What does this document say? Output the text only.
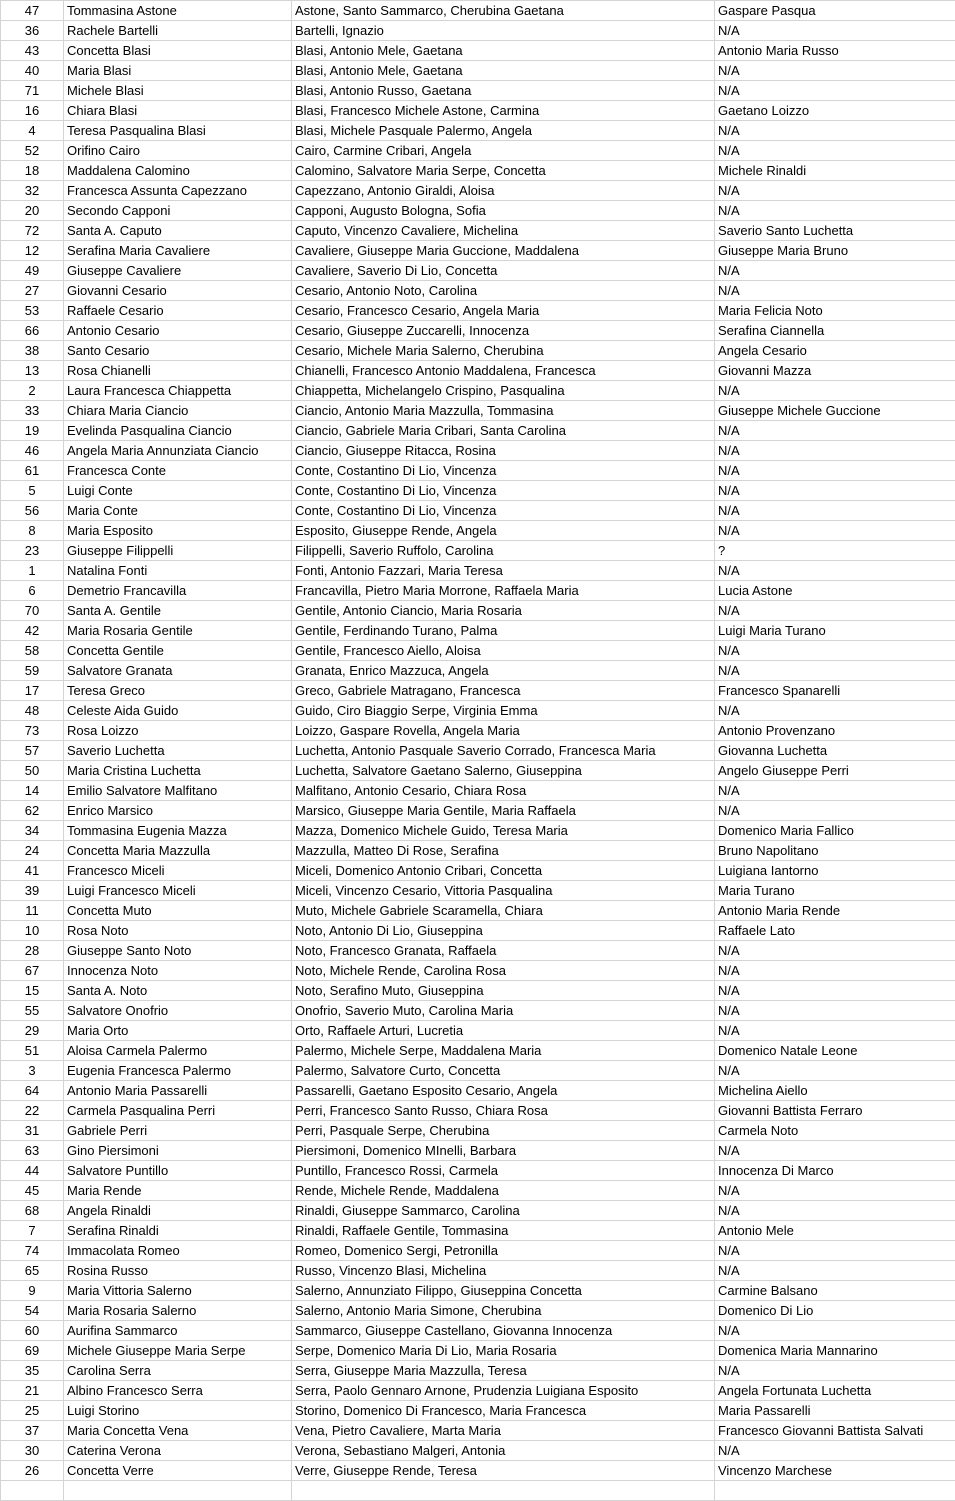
47	Tommasina Astone	Astone, Santo Sammarco, Cherubina Gaetana	Gaspare Pasqua
36	Rachele Bartelli	Bartelli, Ignazio	N/A
43	Concetta Blasi	Blasi, Antonio Mele, Gaetana	Antonio Maria Russo
40	Maria Blasi	Blasi, Antonio Mele, Gaetana	N/A
71	Michele Blasi	Blasi, Antonio Russo, Gaetana	N/A
16	Chiara Blasi	Blasi, Francesco Michele Astone, Carmina	Gaetano Loizzo
4	Teresa Pasqualina Blasi	Blasi, Michele Pasquale Palermo, Angela	N/A
52	Orifino Cairo	Cairo, Carmine Cribari, Angela	N/A
18	Maddalena Calomino	Calomino, Salvatore Maria Serpe, Concetta	Michele Rinaldi
32	Francesca Assunta Capezzano	Capezzano, Antonio Giraldi, Aloisa	N/A
20	Secondo Capponi	Capponi, Augusto Bologna, Sofia	N/A
72	Santa A. Caputo	Caputo, Vincenzo Cavaliere, Michelina	Saverio Santo Luchetta
12	Serafina Maria Cavaliere	Cavaliere, Giuseppe Maria Guccione, Maddalena	Giuseppe Maria Bruno
49	Giuseppe Cavaliere	Cavaliere, Saverio Di Lio, Concetta	N/A
27	Giovanni Cesario	Cesario, Antonio Noto, Carolina	N/A
53	Raffaele Cesario	Cesario, Francesco Cesario, Angela Maria	Maria Felicia Noto
66	Antonio Cesario	Cesario, Giuseppe Zuccarelli, Innocenza	Serafina Ciannella
38	Santo Cesario	Cesario, Michele Maria Salerno, Cherubina	Angela Cesario
13	Rosa Chianelli	Chianelli, Francesco Antonio Maddalena, Francesca	Giovanni Mazza
2	Laura Francesca Chiappetta	Chiappetta, Michelangelo Crispino, Pasqualina	N/A
33	Chiara Maria Ciancio	Ciancio, Antonio Maria Mazzulla, Tommasina	Giuseppe Michele Guccione
19	Evelinda Pasqualina Ciancio	Ciancio, Gabriele Maria Cribari, Santa Carolina	N/A
46	Angela Maria Annunziata Ciancio	Ciancio, Giuseppe Ritacca, Rosina	N/A
61	Francesca Conte	Conte, Costantino Di Lio, Vincenza	N/A
5	Luigi Conte	Conte, Costantino Di Lio, Vincenza	N/A
56	Maria Conte	Conte, Costantino Di Lio, Vincenza	N/A
8	Maria Esposito	Esposito, Giuseppe Rende, Angela	N/A
23	Giuseppe Filippelli	Filippelli, Saverio Ruffolo, Carolina	?
1	Natalina Fonti	Fonti, Antonio Fazzari, Maria Teresa	N/A
6	Demetrio Francavilla	Francavilla, Pietro Maria Morrone, Raffaela Maria	Lucia Astone
70	Santa A. Gentile	Gentile, Antonio Ciancio, Maria Rosaria	N/A
42	Maria Rosaria Gentile	Gentile, Ferdinando Turano, Palma	Luigi Maria Turano
58	Concetta Gentile	Gentile, Francesco Aiello, Aloisa	N/A
59	Salvatore Granata	Granata, Enrico Mazzuca, Angela	N/A
17	Teresa Greco	Greco, Gabriele Matragano, Francesca	Francesco Spanarelli
48	Celeste Aida Guido	Guido, Ciro Biaggio Serpe, Virginia Emma	N/A
73	Rosa Loizzo	Loizzo, Gaspare Rovella, Angela Maria	Antonio Provenzano
57	Saverio Luchetta	Luchetta, Antonio Pasquale Saverio Corrado, Francesca Maria	Giovanna Luchetta
50	Maria Cristina Luchetta	Luchetta, Salvatore Gaetano Salerno, Giuseppina	Angelo Giuseppe Perri
14	Emilio Salvatore Malfitano	Malfitano, Antonio Cesario, Chiara Rosa	N/A
62	Enrico Marsico	Marsico, Giuseppe Maria Gentile, Maria Raffaela	N/A
34	Tommasina Eugenia Mazza	Mazza, Domenico Michele Guido, Teresa Maria	Domenico Maria Fallico
24	Concetta Maria Mazzulla	Mazzulla, Matteo Di Rose, Serafina	Bruno Napolitano
41	Francesco Miceli	Miceli, Domenico Antonio Cribari, Concetta	Luigiana Iantorno
39	Luigi Francesco Miceli	Miceli, Vincenzo Cesario, Vittoria Pasqualina	Maria Turano
11	Concetta Muto	Muto, Michele Gabriele Scaramella, Chiara	Antonio Maria Rende
10	Rosa Noto	Noto, Antonio Di Lio, Giuseppina	Raffaele Lato
28	Giuseppe Santo Noto	Noto, Francesco Granata, Raffaela	N/A
67	Innocenza Noto	Noto, Michele Rende, Carolina Rosa	N/A
15	Santa A. Noto	Noto, Serafino Muto, Giuseppina	N/A
55	Salvatore Onofrio	Onofrio, Saverio Muto, Carolina Maria	N/A
29	Maria Orto	Orto, Raffaele Arturi, Lucretia	N/A
51	Aloisa Carmela Palermo	Palermo, Michele Serpe, Maddalena Maria	Domenico Natale Leone
3	Eugenia Francesca Palermo	Palermo, Salvatore Curto, Concetta	N/A
64	Antonio Maria Passarelli	Passarelli, Gaetano Esposito Cesario, Angela	Michelina Aiello
22	Carmela Pasqualina Perri	Perri, Francesco Santo Russo, Chiara Rosa	Giovanni Battista Ferraro
31	Gabriele Perri	Perri, Pasquale Serpe, Cherubina	Carmela Noto
63	Gino Piersimoni	Piersimoni, Domenico MInelli, Barbara	N/A
44	Salvatore Puntillo	Puntillo, Francesco Rossi, Carmela	Innocenza Di Marco
45	Maria Rende	Rende, Michele Rende, Maddalena	N/A
68	Angela Rinaldi	Rinaldi, Giuseppe Sammarco, Carolina	N/A
7	Serafina Rinaldi	Rinaldi, Raffaele Gentile, Tommasina	Antonio Mele
74	Immacolata Romeo	Romeo, Domenico Sergi, Petronilla	N/A
65	Rosina Russo	Russo, Vincenzo Blasi, Michelina	N/A
9	Maria Vittoria Salerno	Salerno, Annunziato Filippo, Giuseppina Concetta	Carmine Balsano
54	Maria Rosaria Salerno	Salerno, Antonio Maria Simone, Cherubina	Domenico Di Lio
60	Aurifina Sammarco	Sammarco, Giuseppe Castellano, Giovanna Innocenza	N/A
69	Michele Giuseppe Maria Serpe	Serpe, Domenico Maria Di Lio, Maria Rosaria	Domenica Maria Mannarino
35	Carolina Serra	Serra, Giuseppe Maria Mazzulla, Teresa	N/A
21	Albino Francesco Serra	Serra, Paolo Gennaro Arnone, Prudenzia Luigiana Esposito	Angela Fortunata Luchetta
25	Luigi Storino	Storino, Domenico Di Francesco, Maria Francesca	Maria Passarelli
37	Maria Concetta Vena	Vena, Pietro Cavaliere, Marta Maria	Francesco Giovanni Battista Salvati
30	Caterina Verona	Verona, Sebastiano Malgeri, Antonia	N/A
26	Concetta Verre	Verre, Giuseppe Rende, Teresa	Vincenzo Marchese
